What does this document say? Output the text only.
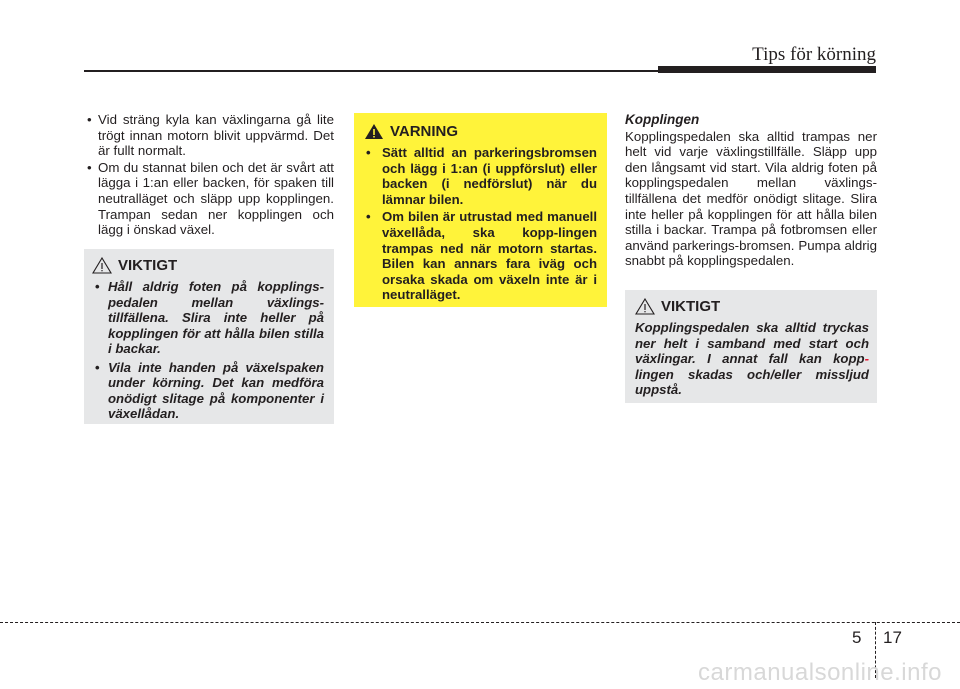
Tips för körning
• Vid sträng kyla kan växlingarna gå lite trögt innan motorn blivit uppvärmd. Det är fullt normalt.
• Om du stannat bilen och det är svårt att lägga i 1:an eller backen, för spaken till neutralläget och släpp upp kopplingen. Trampan sedan ner kopplingen och lägg i önskad växel.
VIKTIGT
• Håll aldrig foten på kopplings-pedalen mellan växlings-tillfällena. Slira inte heller på kopplingen för att hålla bilen stilla i backar.
• Vila inte handen på växelspaken under körning. Det kan medföra onödigt slitage på komponenter i växellådan.
VARNING
• Sätt alltid an parkeringsbromsen och lägg i 1:an (i uppförslut) eller backen (i nedförslut) när du lämnar bilen.
• Om bilen är utrustad med manuell växellåda, ska kopp-lingen trampas ned när motorn startas. Bilen kan annars fara iväg och orsaka skada om växeln inte är i neutralläget.
Kopplingen
Kopplingspedalen ska alltid trampas ner helt vid varje växlingstillfälle. Släpp upp den långsamt vid start. Vila aldrig foten på kopplingspedalen mellan växlings-tillfällena det medför onödigt slitage. Slira inte heller på kopplingen för att hålla bilen stilla i backar. Trampa på fotbromsen eller använd parkerings-bromsen. Pumpa aldrig snabbt på kopplingspedalen.
VIKTIGT
Kopplingspedalen ska alltid tryckas ner helt i samband med start och växlingar. I annat fall kan kopp-lingen skadas och/eller missljud uppstå.
5 17
carmanualsonline.info
